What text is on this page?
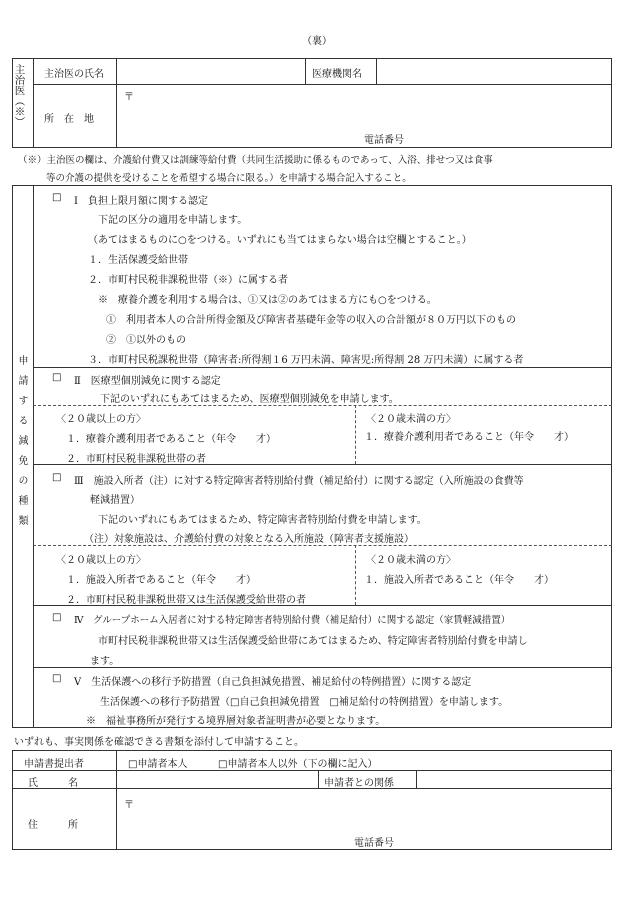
（裏）
主治医（※） 主治医の氏名	医療機関名
所　在　地
〒
電話番号
（※）主治医の欄は、介護給付費又は訓練等給付費（共同生活援助に係るものであって、入浴、排せつ又は食事
等の介護の提供を受けることを希望する場合に限る。）を申請する場合記入すること。
申請する減免の種類
□ Ⅰ　負担上限月額に関する認定
下記の区分の適用を申請します。
（あてはまるものに○をつける。いずれにも当てはまらない場合は空欄とすること。）
１．生活保護受給世帯
２．市町村民税非課税世帯（※）に属する者
※　療養介護を利用する場合は、①又は②のあてはまる方にも○をつける。
①　利用者本人の合計所得金額及び障害者基礎年金等の収入の合計額が８０万円以下のもの
②　①以外のもの
３．市町村民税課税世帯（障害者:所得割１6 万円未満、障害児:所得割 28 万円未満）に属する者
□ Ⅱ　医療型個別減免に関する認定
下記のいずれにもあてはまるため、医療型個別減免を申請します。
〈２０歳以上の方〉
１．療養介護利用者であること（年令　　才）
２．市町村民税非課税世帯の者
〈２０歳未満の方〉
１．療養介護利用者であること（年令　　才）
□ Ⅲ　施設入所者（注）に対する特定障害者特別給付費（補足給付）に関する認定（入所施設の食費等
軽減措置）
下記のいずれにもあてはまるため、特定障害者特別給付費を申請します。
（注）対象施設は、介護給付費の対象となる入所施設（障害者支援施設）
〈２０歳以上の方〉
１．施設入所者であること（年令　　才）
２．市町村民税非課税世帯又は生活保護受給世帯の者
〈２０歳未満の方〉
１．施設入所者であること（年令　　才）
□ Ⅳ　グループホーム入居者に対する特定障害者特別給付費（補足給付）に関する認定（家賃軽減措置）
市町村民税非課税世帯又は生活保護受給世帯にあてはまるため、特定障害者特別給付費を申請し
ます。
□ Ⅴ　生活保護への移行予防措置（自己負担減免措置、補足給付の特例措置）に関する認定
生活保護への移行予防措置（□自己負担減免措置　□補足給付の特例措置）を申請します。
※　福祉事務所が発行する境界層対象者証明書が必要となります。
いずれも、事実関係を確認できる書類を添付して申請すること。
申請書提出者	□申請者本人	□申請者本人以外（下の欄に記入）
氏　　　名	申請者との関係
住　　　所
〒
電話番号
